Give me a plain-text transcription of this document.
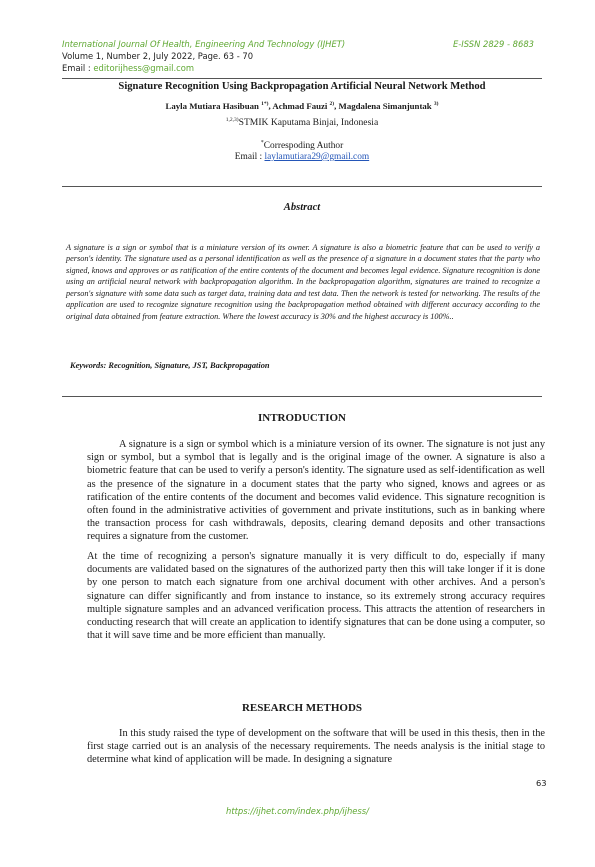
International Journal Of Health, Engineering And Technology (IJHET)	E-ISSN 2829 - 8683
Volume 1, Number 2, July 2022, Page. 63 - 70
Email : editorijhess@gmail.com
Signature Recognition Using Backpropagation Artificial Neural Network Method
Layla Mutiara Hasibuan $^{1*)}$, Achmad Fauzi $^{2)}$, Magdalena Simanjuntak $^{3)}$
$^{1,2,3)}$STMIK Kaputama Binjai, Indonesia
*Correspoding Author
Email : laylamutiara29@gmail.com
Abstract
A signature is a sign or symbol that is a miniature version of its owner. A signature is also a biometric feature that can be used to verify a person's identity. The signature used as a personal identification as well as the presence of a signature in a document states that the party who signed, knows and approves or as ratification of the entire contents of the document and becomes legal evidence. Signature recognition is done using an artificial neural network with backpropagation algorithm. In the backpropagation algorithm, signatures are trained to recognize a person's signature with some data such as target data, training data and test data. Then the network is tested for networking. The results of the application are used to recognize signature recognition using the backpropagation method obtained with different accuracy according to the original data obtained from feature extraction. Where the lowest accuracy is 30% and the highest accuracy is 100%..
Keywords: Recognition, Signature, JST, Backpropagation
INTRODUCTION
A signature is a sign or symbol which is a miniature version of its owner. The signature is not just any sign or symbol, but a symbol that is legally and is the original image of the owner. A signature is also a biometric feature that can be used to verify a person's identity. The signature used as self-identification as well as the presence of the signature in a document states that the party who signed, knows and agrees or as ratification of the entire contents of the document and becomes valid evidence. This signature recognition is often found in the administrative activities of government and private institutions, such as in banking where the transaction process for cash withdrawals, deposits, clearing demand deposits and other transactions requires a signature from the customer.
At the time of recognizing a person's signature manually it is very difficult to do, especially if many documents are validated based on the signatures of the authorized party then this will take longer if it is done by one person to match each signature from one archival document with other archives. And a person's signature can differ significantly and from instance to instance, so its extremely strong accuracy requires multiple signature samples and an advanced verification process. This attracts the attention of researchers in conducting research that will create an application to identify signatures that can be done using a computer, so that it will save time and be more efficient than manually.
RESEARCH METHODS
In this study raised the type of development on the software that will be used in this thesis, then in the first stage carried out is an analysis of the necessary requirements. The needs analysis is the initial stage to determine what kind of application will be made. In designing a signature
63
https://ijhet.com/index.php/ijhess/
